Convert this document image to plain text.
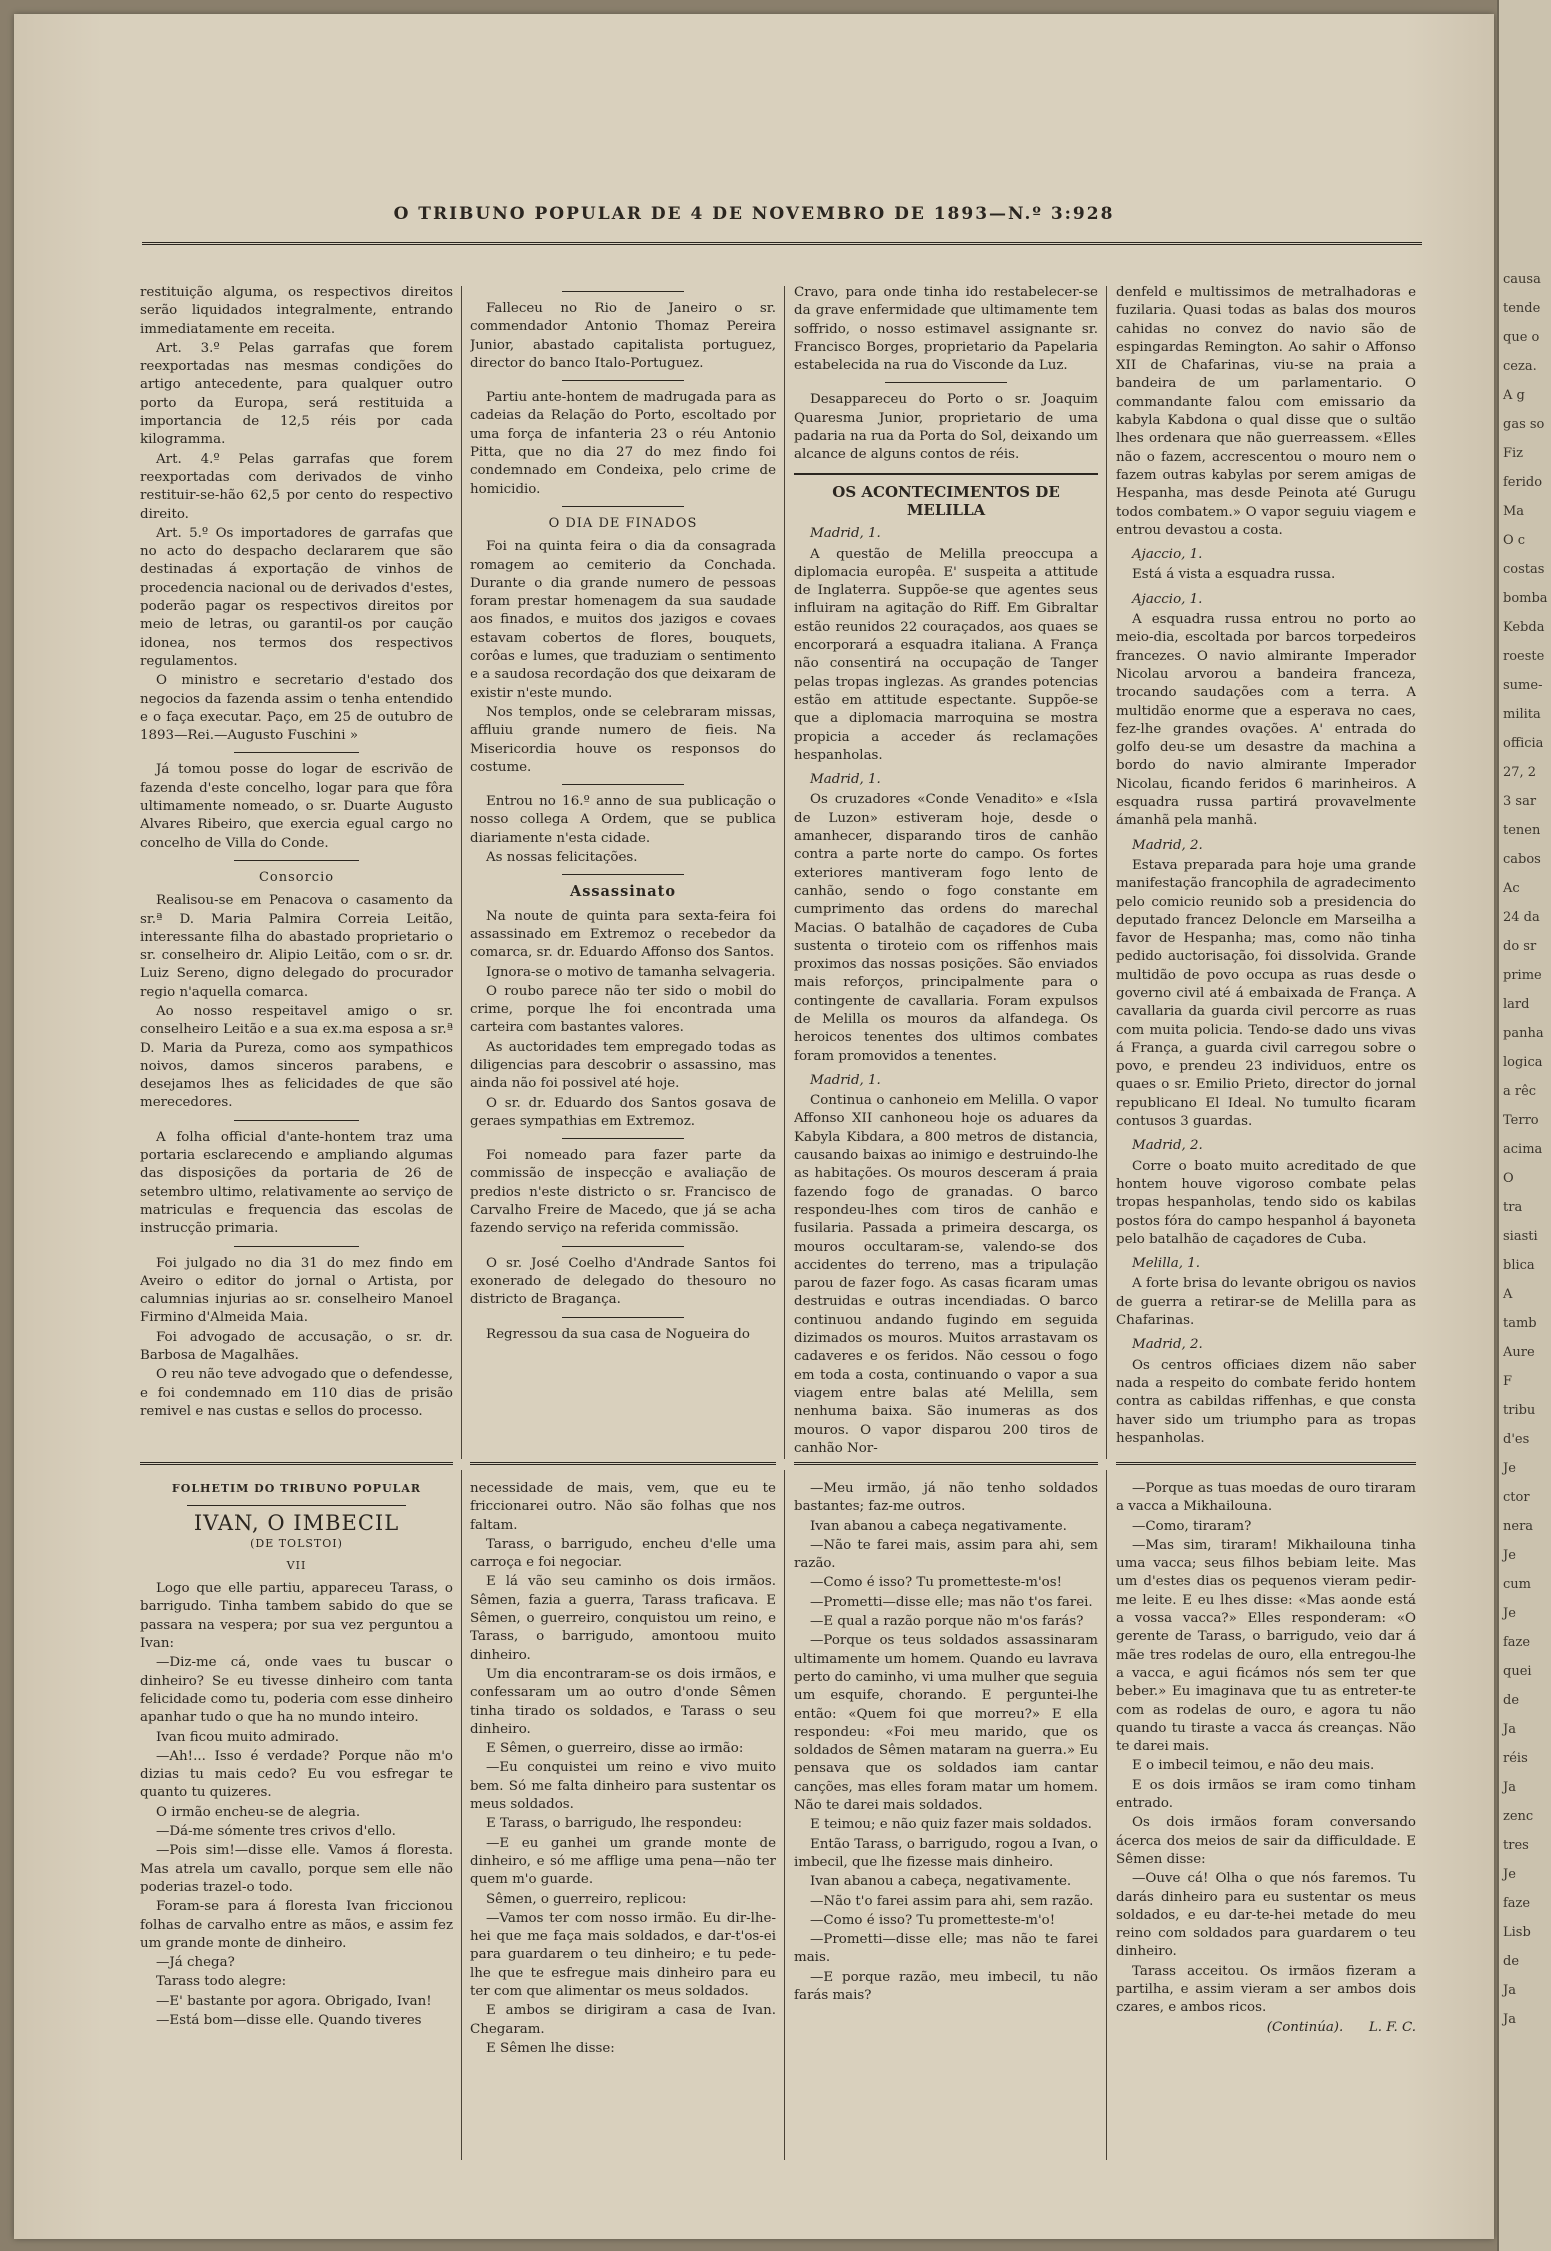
O TRIBUNO POPULAR DE 4 DE NOVEMBRO DE 1893—N.º 3:928

restituição alguma, os respectivos direitos serão liquidados integralmente, entrando immediatamente em receita.

Art. 3.º Pelas garrafas que forem reexportadas nas mesmas condições do artigo antecedente, para qualquer outro porto da Europa, será restituida a importancia de 12,5 réis por cada kilogramma.

Art. 4.º Pelas garrafas que forem reexportadas com derivados de vinho restituir-se-hão 62,5 por cento do respectivo direito.

Art. 5.º Os importadores de garrafas que no acto do despacho declararem que são destinadas á exportação de vinhos de procedencia nacional ou de derivados d'estes, poderão pagar os respectivos direitos por meio de letras, ou garantil-os por caução idonea, nos termos dos respectivos regulamentos.

O ministro e secretario d'estado dos negocios da fazenda assim o tenha entendido e o faça executar. Paço, em 25 de outubro de 1893—Rei.—Augusto Fuschini »

Já tomou posse do logar de escrivão de fazenda d'este concelho, logar para que fôra ultimamente nomeado, o sr. Duarte Augusto Alvares Ribeiro, que exercia egual cargo no concelho de Villa do Conde.

Consorcio

Realisou-se em Penacova o casamento da sr.ª D. Maria Palmira Correia Leitão, interessante filha do abastado proprietario o sr. conselheiro dr. Alipio Leitão, com o sr. dr. Luiz Sereno, digno delegado do procurador regio n'aquella comarca.

Ao nosso respeitavel amigo o sr. conselheiro Leitão e a sua ex.ma esposa a sr.ª D. Maria da Pureza, como aos sympathicos noivos, damos sinceros parabens, e desejamos lhes as felicidades de que são merecedores.

A folha official d'ante-hontem traz uma portaria esclarecendo e ampliando algumas das disposições da portaria de 26 de setembro ultimo, relativamente ao serviço de matriculas e frequencia das escolas de instrucção primaria.

Foi julgado no dia 31 do mez findo em Aveiro o editor do jornal o Artista, por calumnias injurias ao sr. conselheiro Manoel Firmino d'Almeida Maia.

Foi advogado de accusação, o sr. dr. Barbosa de Magalhães.

O reu não teve advogado que o defendesse, e foi condemnado em 110 dias de prisão remivel e nas custas e sellos do processo.

Falleceu no Rio de Janeiro o sr. commendador Antonio Thomaz Pereira Junior, abastado capitalista portuguez, director do banco Italo-Portuguez.

Partiu ante-hontem de madrugada para as cadeias da Relação do Porto, escoltado por uma força de infanteria 23 o réu Antonio Pitta, que no dia 27 do mez findo foi condemnado em Condeixa, pelo crime de homicidio.

O DIA DE FINADOS

Foi na quinta feira o dia da consagrada romagem ao cemiterio da Conchada. Durante o dia grande numero de pessoas foram prestar homenagem da sua saudade aos finados, e muitos dos jazigos e covaes estavam cobertos de flores, bouquets, corôas e lumes, que traduziam o sentimento e a saudosa recordação dos que deixaram de existir n'este mundo.

Nos templos, onde se celebraram missas, affluiu grande numero de fieis. Na Misericordia houve os responsos do costume.

Entrou no 16.º anno de sua publicação o nosso collega A Ordem, que se publica diariamente n'esta cidade.

As nossas felicitações.

Assassinato

Na noute de quinta para sexta-feira foi assassinado em Extremoz o recebedor da comarca, sr. dr. Eduardo Affonso dos Santos.

Ignora-se o motivo de tamanha selvageria.

O roubo parece não ter sido o mobil do crime, porque lhe foi encontrada uma carteira com bastantes valores.

As auctoridades tem empregado todas as diligencias para descobrir o assassino, mas ainda não foi possivel até hoje.

O sr. dr. Eduardo dos Santos gosava de geraes sympathias em Extremoz.

Foi nomeado para fazer parte da commissão de inspecção e avaliação de predios n'este districto o sr. Francisco de Carvalho Freire de Macedo, que já se acha fazendo serviço na referida commissão.

O sr. José Coelho d'Andrade Santos foi exonerado de delegado do thesouro no districto de Bragança.

Regressou da sua casa de Nogueira do

Cravo, para onde tinha ido restabelecer-se da grave enfermidade que ultimamente tem soffrido, o nosso estimavel assignante sr. Francisco Borges, proprietario da Papelaria estabelecida na rua do Visconde da Luz.

Desappareceu do Porto o sr. Joaquim Quaresma Junior, proprietario de uma padaria na rua da Porta do Sol, deixando um alcance de alguns contos de réis.

OS ACONTECIMENTOS DE MELILLA

Madrid, 1.

A questão de Melilla preoccupa a diplomacia europêa. E' suspeita a attitude de Inglaterra. Suppõe-se que agentes seus influiram na agitação do Riff. Em Gibraltar estão reunidos 22 couraçados, aos quaes se encorporará a esquadra italiana. A França não consentirá na occupação de Tanger pelas tropas inglezas. As grandes potencias estão em attitude espectante. Suppõe-se que a diplomacia marroquina se mostra propicia a acceder ás reclamações hespanholas.

Madrid, 1.

Os cruzadores «Conde Venadito» e «Isla de Luzon» estiveram hoje, desde o amanhecer, disparando tiros de canhão contra a parte norte do campo. Os fortes exteriores mantiveram fogo lento de canhão, sendo o fogo constante em cumprimento das ordens do marechal Macias. O batalhão de caçadores de Cuba sustenta o tiroteio com os riffenhos mais proximos das nossas posições. São enviados mais reforços, principalmente para o contingente de cavallaria. Foram expulsos de Melilla os mouros da alfandega. Os heroicos tenentes dos ultimos combates foram promovidos a tenentes.

Madrid, 1.

Continua o canhoneio em Melilla. O vapor Affonso XII canhoneou hoje os aduares da Kabyla Kibdara, a 800 metros de distancia, causando baixas ao inimigo e destruindo-lhe as habitações. Os mouros desceram á praia fazendo fogo de granadas. O barco respondeu-lhes com tiros de canhão e fusilaria. Passada a primeira descarga, os mouros occultaram-se, valendo-se dos accidentes do terreno, mas a tripulação parou de fazer fogo. As casas ficaram umas destruidas e outras incendiadas. O barco continuou andando fugindo em seguida dizimados os mouros. Muitos arrastavam os cadaveres e os feridos. Não cessou o fogo em toda a costa, continuando o vapor a sua viagem entre balas até Melilla, sem nenhuma baixa. São inumeras as dos mouros. O vapor disparou 200 tiros de canhão Nor-

denfeld e multissimos de metralhadoras e fuzilaria. Quasi todas as balas dos mouros cahidas no convez do navio são de espingardas Remington. Ao sahir o Affonso XII de Chafarinas, viu-se na praia a bandeira de um parlamentario. O commandante falou com emissario da kabyla Kabdona o qual disse que o sultão lhes ordenara que não guerreassem. «Elles não o fazem, accrescentou o mouro nem o fazem outras kabylas por serem amigas de Hespanha, mas desde Peinota até Gurugu todos combatem.» O vapor seguiu viagem e entrou devastou a costa.

Ajaccio, 1.

Está á vista a esquadra russa.

Ajaccio, 1.

A esquadra russa entrou no porto ao meio-dia, escoltada por barcos torpedeiros francezes. O navio almirante Imperador Nicolau arvorou a bandeira franceza, trocando saudações com a terra. A multidão enorme que a esperava no caes, fez-lhe grandes ovações. A' entrada do golfo deu-se um desastre da machina a bordo do navio almirante Imperador Nicolau, ficando feridos 6 marinheiros. A esquadra russa partirá provavelmente ámanhã pela manhã.

Madrid, 2.

Estava preparada para hoje uma grande manifestação francophila de agradecimento pelo comicio reunido sob a presidencia do deputado francez Deloncle em Marseilha a favor de Hespanha; mas, como não tinha pedido auctorisação, foi dissolvida. Grande multidão de povo occupa as ruas desde o governo civil até á embaixada de França. A cavallaria da guarda civil percorre as ruas com muita policia. Tendo-se dado uns vivas á França, a guarda civil carregou sobre o povo, e prendeu 23 individuos, entre os quaes o sr. Emilio Prieto, director do jornal republicano El Ideal. No tumulto ficaram contusos 3 guardas.

Madrid, 2.

Corre o boato muito acreditado de que hontem houve vigoroso combate pelas tropas hespanholas, tendo sido os kabilas postos fóra do campo hespanhol á bayoneta pelo batalhão de caçadores de Cuba.

Melilla, 1.

A forte brisa do levante obrigou os navios de guerra a retirar-se de Melilla para as Chafarinas.

Madrid, 2.

Os centros officiaes dizem não saber nada a respeito do combate ferido hontem contra as cabildas riffenhas, e que consta haver sido um triumpho para as tropas hespanholas.

FOLHETIM DO TRIBUNO POPULAR

IVAN, O IMBECIL

(DE TOLSTOI)

VII

Logo que elle partiu, appareceu Tarass, o barrigudo. Tinha tambem sabido do que se passara na vespera; por sua vez perguntou a Ivan:

—Diz-me cá, onde vaes tu buscar o dinheiro? Se eu tivesse dinheiro com tanta felicidade como tu, poderia com esse dinheiro apanhar tudo o que ha no mundo inteiro.

Ivan ficou muito admirado.

—Ah!... Isso é verdade? Porque não m'o dizias tu mais cedo? Eu vou esfregar te quanto tu quizeres.

O irmão encheu-se de alegria.

—Dá-me sómente tres crivos d'ello.

—Pois sim!—disse elle. Vamos á floresta. Mas atrela um cavallo, porque sem elle não poderias trazel-o todo.

Foram-se para á floresta Ivan friccionou folhas de carvalho entre as mãos, e assim fez um grande monte de dinheiro.

—Já chega?

Tarass todo alegre:

—E' bastante por agora. Obrigado, Ivan!

—Está bom—disse elle. Quando tiveres

necessidade de mais, vem, que eu te friccionarei outro. Não são folhas que nos faltam.

Tarass, o barrigudo, encheu d'elle uma carroça e foi negociar.

E lá vão seu caminho os dois irmãos. Sêmen, fazia a guerra, Tarass traficava. E Sêmen, o guerreiro, conquistou um reino, e Tarass, o barrigudo, amontoou muito dinheiro.

Um dia encontraram-se os dois irmãos, e confessaram um ao outro d'onde Sêmen tinha tirado os soldados, e Tarass o seu dinheiro.

E Sêmen, o guerreiro, disse ao irmão:

—Eu conquistei um reino e vivo muito bem. Só me falta dinheiro para sustentar os meus soldados.

E Tarass, o barrigudo, lhe respondeu:

—E eu ganhei um grande monte de dinheiro, e só me afflige uma pena—não ter quem m'o guarde.

Sêmen, o guerreiro, replicou:

—Vamos ter com nosso irmão. Eu dir-lhe-hei que me faça mais soldados, e dar-t'os-ei para guardarem o teu dinheiro; e tu pede-lhe que te esfregue mais dinheiro para eu ter com que alimentar os meus soldados.

E ambos se dirigiram a casa de Ivan. Chegaram.

E Sêmen lhe disse:

—Meu irmão, já não tenho soldados bastantes; faz-me outros.

Ivan abanou a cabeça negativamente.

—Não te farei mais, assim para ahi, sem razão.

—Como é isso? Tu prometteste-m'os!

—Prometti—disse elle; mas não t'os farei.

—E qual a razão porque não m'os farás?

—Porque os teus soldados assassinaram ultimamente um homem. Quando eu lavrava perto do caminho, vi uma mulher que seguia um esquife, chorando. E perguntei-lhe então: «Quem foi que morreu?» E ella respondeu: «Foi meu marido, que os soldados de Sêmen mataram na guerra.» Eu pensava que os soldados iam cantar canções, mas elles foram matar um homem. Não te darei mais soldados.

E teimou; e não quiz fazer mais soldados.

Então Tarass, o barrigudo, rogou a Ivan, o imbecil, que lhe fizesse mais dinheiro.

Ivan abanou a cabeça, negativamente.

—Não t'o farei assim para ahi, sem razão.

—Como é isso? Tu prometteste-m'o!

—Prometti—disse elle; mas não te farei mais.

—E porque razão, meu imbecil, tu não farás mais?

—Porque as tuas moedas de ouro tiraram a vacca a Mikhailouna.

—Como, tiraram?

—Mas sim, tiraram! Mikhailouna tinha uma vacca; seus filhos bebiam leite. Mas um d'estes dias os pequenos vieram pedir-me leite. E eu lhes disse: «Mas aonde está a vossa vacca?» Elles responderam: «O gerente de Tarass, o barrigudo, veio dar á mãe tres rodelas de ouro, ella entregou-lhe a vacca, e agui ficámos nós sem ter que beber.» Eu imaginava que tu as entreter-te com as rodelas de ouro, e agora tu não quando tu tiraste a vacca ás creanças. Não te darei mais.

E o imbecil teimou, e não deu mais.

E os dois irmãos se iram como tinham entrado.

Os dois irmãos foram conversando ácerca dos meios de sair da difficuldade. E Sêmen disse:

—Ouve cá! Olha o que nós faremos. Tu darás dinheiro para eu sustentar os meus soldados, e eu dar-te-hei metade do meu reino com soldados para guardarem o teu dinheiro.

Tarass acceitou. Os irmãos fizeram a partilha, e assim vieram a ser ambos dois czares, e ambos ricos.

(Continúa). L. F. C.

causa
tende
que o
ceza.
A g
gas so
Fiz
ferido
Ma
O c
costas
bomba
Kebda
roeste
sume-
milita
officia
27, 2
3 sar
tenen
cabos
Ac
24 da
do sr
prime
lard
panha
logica
a rêc
Terro
acima
O
tra
siasti
blica
A
tamb
Aure
F
tribu
d'es
Je
ctor
nera
Je
cum
Je
faze
quei
de
Ja
réis
Ja
zenc
tres
Je
faze
Lisb
de
Ja
Ja
